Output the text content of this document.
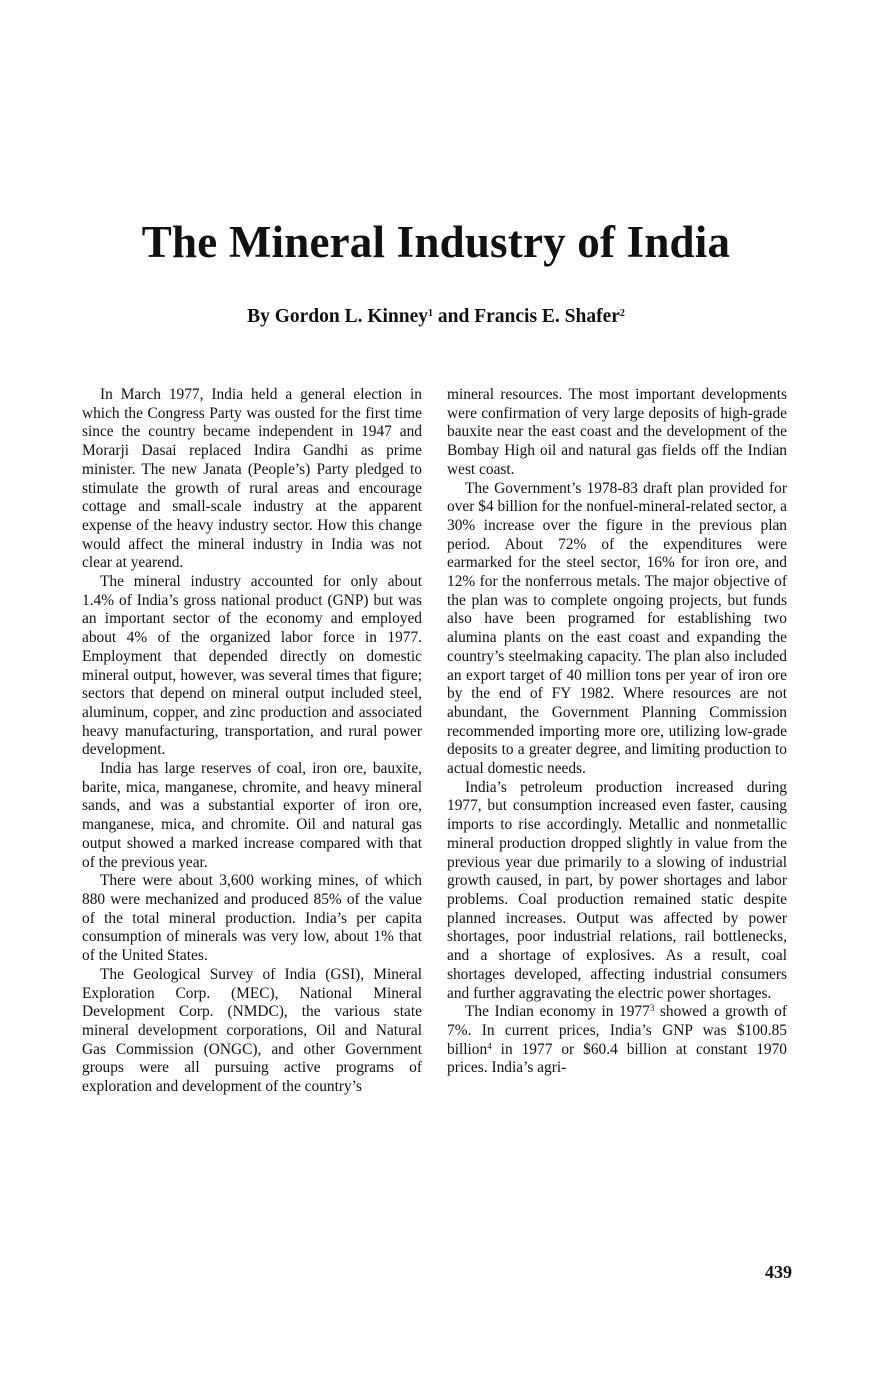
The Mineral Industry of India
By Gordon L. Kinney$^1$ and Francis E. Shafer$^2$

In March 1977, India held a general election in which the Congress Party was ousted for the first time since the country became independent in 1947 and Morarji Dasai replaced Indira Gandhi as prime minister. The new Janata (People’s) Party pledged to stimulate the growth of rural areas and encourage cottage and small-scale industry at the apparent expense of the heavy industry sector. How this change would affect the mineral industry in India was not clear at yearend.

The mineral industry accounted for only about 1.4% of India’s gross national product (GNP) but was an important sector of the economy and employed about 4% of the organized labor force in 1977. Employment that depended directly on domestic mineral output, however, was several times that figure; sectors that depend on mineral output included steel, aluminum, copper, and zinc production and associated heavy manufacturing, transportation, and rural power development.

India has large reserves of coal, iron ore, bauxite, barite, mica, manganese, chromite, and heavy mineral sands, and was a substantial exporter of iron ore, manganese, mica, and chromite. Oil and natural gas output showed a marked increase compared with that of the previous year.

There were about 3,600 working mines, of which 880 were mechanized and produced 85% of the value of the total mineral production. India’s per capita consumption of minerals was very low, about 1% that of the United States.

The Geological Survey of India (GSI), Mineral Exploration Corp. (MEC), National Mineral Development Corp. (NMDC), the various state mineral development corporations, Oil and Natural Gas Commission (ONGC), and other Government groups were all pursuing active programs of exploration and development of the country’s

mineral resources. The most important developments were confirmation of very large deposits of high-grade bauxite near the east coast and the development of the Bombay High oil and natural gas fields off the Indian west coast.

The Government’s 1978-83 draft plan provided for over $4 billion for the nonfuel-mineral-related sector, a 30% increase over the figure in the previous plan period. About 72% of the expenditures were earmarked for the steel sector, 16% for iron ore, and 12% for the nonferrous metals. The major objective of the plan was to complete ongoing projects, but funds also have been programed for establishing two alumina plants on the east coast and expanding the country’s steelmaking capacity. The plan also included an export target of 40 million tons per year of iron ore by the end of FY 1982. Where resources are not abundant, the Government Planning Commission recommended importing more ore, utilizing low-grade deposits to a greater degree, and limiting production to actual domestic needs.

India’s petroleum production increased during 1977, but consumption increased even faster, causing imports to rise accordingly. Metallic and nonmetallic mineral production dropped slightly in value from the previous year due primarily to a slowing of industrial growth caused, in part, by power shortages and labor problems. Coal production remained static despite planned increases. Output was affected by power shortages, poor industrial relations, rail bottlenecks, and a shortage of explosives. As a result, coal shortages developed, affecting industrial consumers and further aggravating the electric power shortages.

The Indian economy in 1977$^3$ showed a growth of 7%. In current prices, India’s GNP was $100.85 billion$^4$ in 1977 or $60.4 billion at constant 1970 prices. India’s agri-

439
